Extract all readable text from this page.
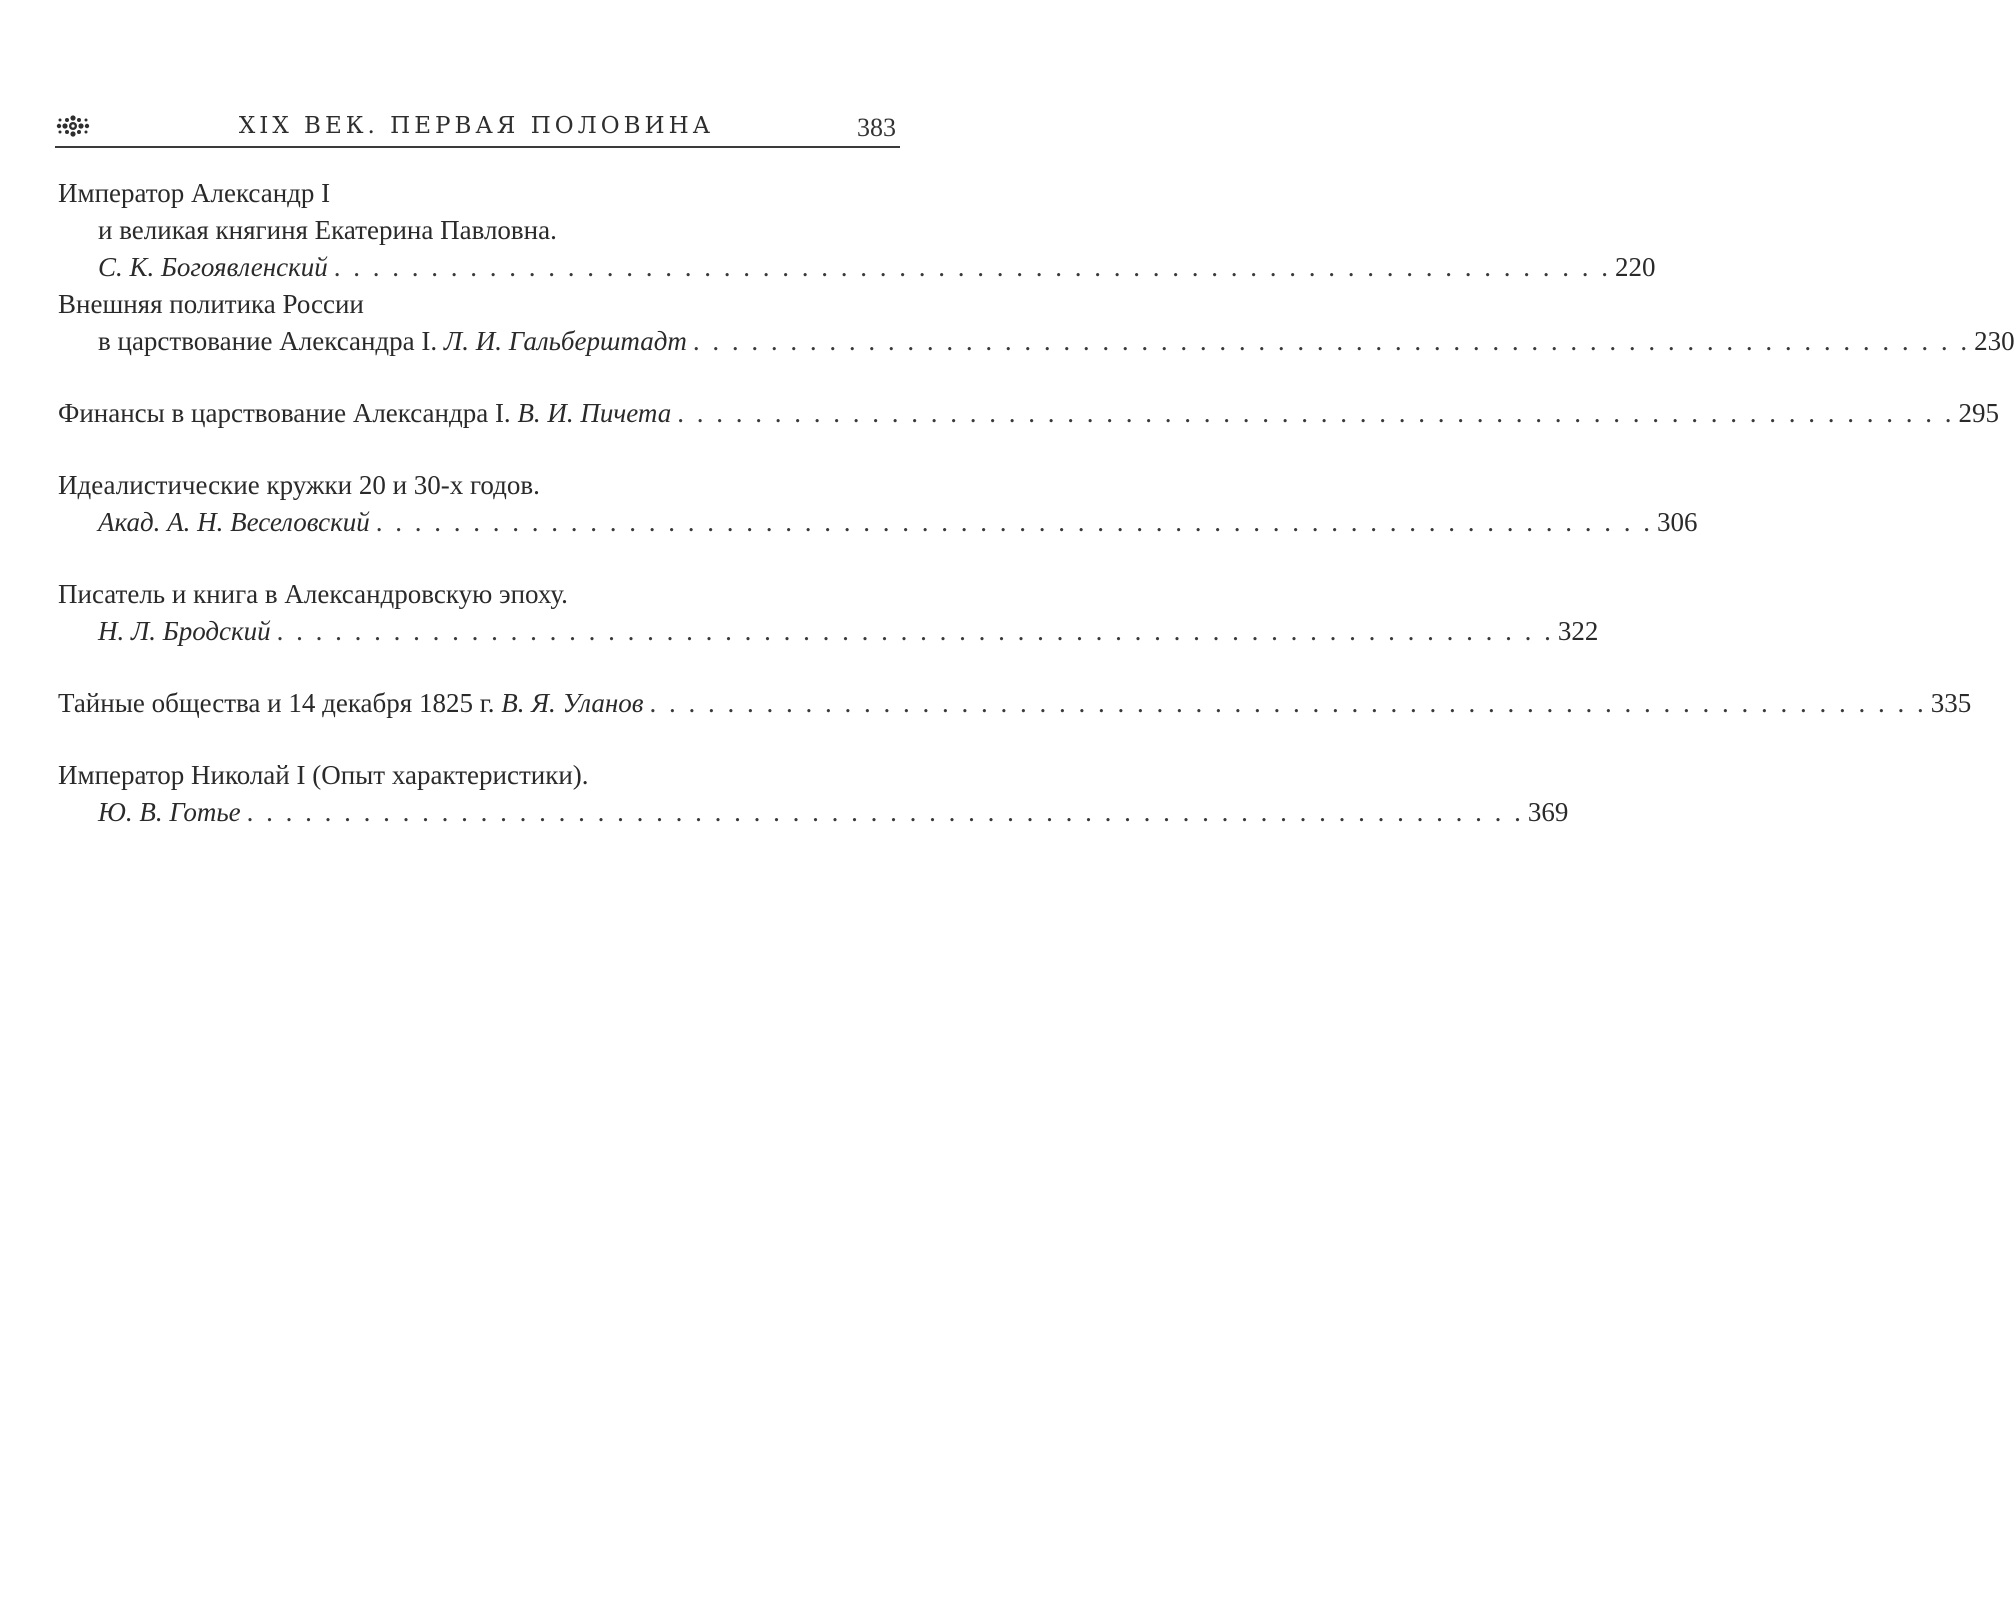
XIX ВЕК. ПЕРВАЯ ПОЛОВИНА	383
Император Александр I
и великая княгиня Екатерина Павловна.
С. К. Богоявленский . . . . . . . . . . . . . . . . . . . . . . . . . . . . . . . . . . . . . . . . . . . . . . . . . . . . . . . . . . . . . . . . . . 220
Внешняя политика России
в царствование Александра I. Л. И. Гальберштадт . . . . . . . . . . . . . . . . . . . . . . . . . . . . . . . . . . . . . . . . . . . . . . . . . . . . . . . . . . . . . . . . . . 230
Финансы в царствование Александра I. В. И. Пичета . . . . . . . . . . . . . . . . . . . . . . . . . . . . . . . . . . . . . . . . . . . . . . . . . . . . . . . . . . . . . . . . . . 295
Идеалистические кружки 20 и 30-х годов.
Акад. А. Н. Веселовский . . . . . . . . . . . . . . . . . . . . . . . . . . . . . . . . . . . . . . . . . . . . . . . . . . . . . . . . . . . . . . . . . . 306
Писатель и книга в Александровскую эпоху.
Н. Л. Бродский . . . . . . . . . . . . . . . . . . . . . . . . . . . . . . . . . . . . . . . . . . . . . . . . . . . . . . . . . . . . . . . . . . 322
Тайные общества и 14 декабря 1825 г. В. Я. Уланов . . . . . . . . . . . . . . . . . . . . . . . . . . . . . . . . . . . . . . . . . . . . . . . . . . . . . . . . . . . . . . . . . . 335
Император Николай I (Опыт характеристики).
Ю. В. Готье . . . . . . . . . . . . . . . . . . . . . . . . . . . . . . . . . . . . . . . . . . . . . . . . . . . . . . . . . . . . . . . . . . 369
